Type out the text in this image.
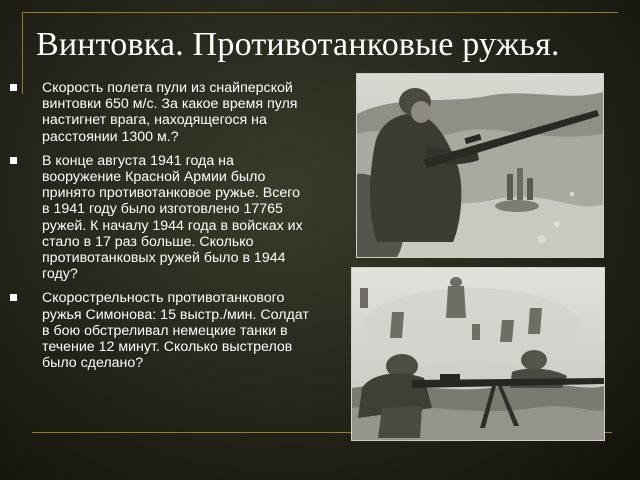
Винтовка. Противотанковые ружья.
Скорость полета пули из снайперской винтовки 650 м/с. За какое время пуля настигнет врага, находящегося на расстоянии 1300 м.?
В конце августа 1941 года на вооружение Красной Армии было принято противотанковое ружье. Всего в 1941 году было изготовлено 17765 ружей. К началу 1944 года в войсках их стало в 17 раз больше. Сколько противотанковых ружей было в 1944 году?
Скорострельность противотанкового ружья Симонова: 15 выстр./мин. Солдат в бою обстреливал немецкие танки в течение 12 минут. Сколько выстрелов было сделано?
